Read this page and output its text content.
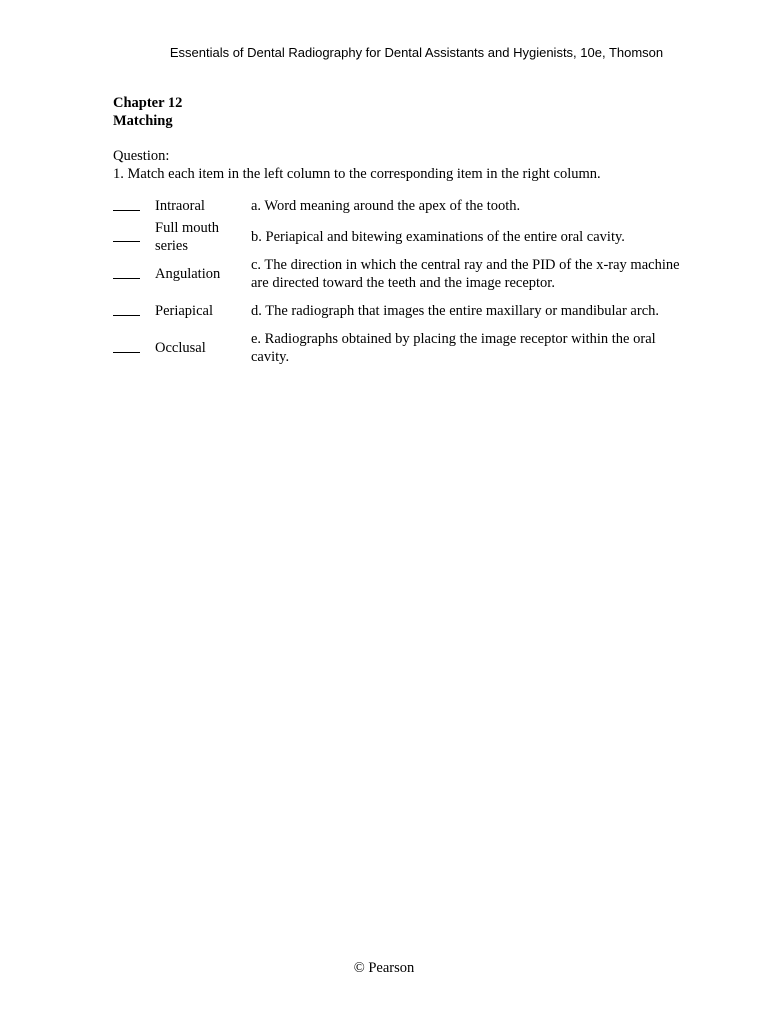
Essentials of Dental Radiography for Dental Assistants and Hygienists, 10e, Thomson
Chapter 12
Matching
Question:
1. Match each item in the left column to the corresponding item in the right column.
	Intraoral	a. Word meaning around the apex of the tooth.
	Full mouth series	b. Periapical and bitewing examinations of the entire oral cavity.
	Angulation	c. The direction in which the central ray and the PID of the x-ray machine are directed toward the teeth and the image receptor.
	Periapical	d. The radiograph that images the entire maxillary or mandibular arch.
	Occlusal	e. Radiographs obtained by placing the image receptor within the oral cavity.
© Pearson
